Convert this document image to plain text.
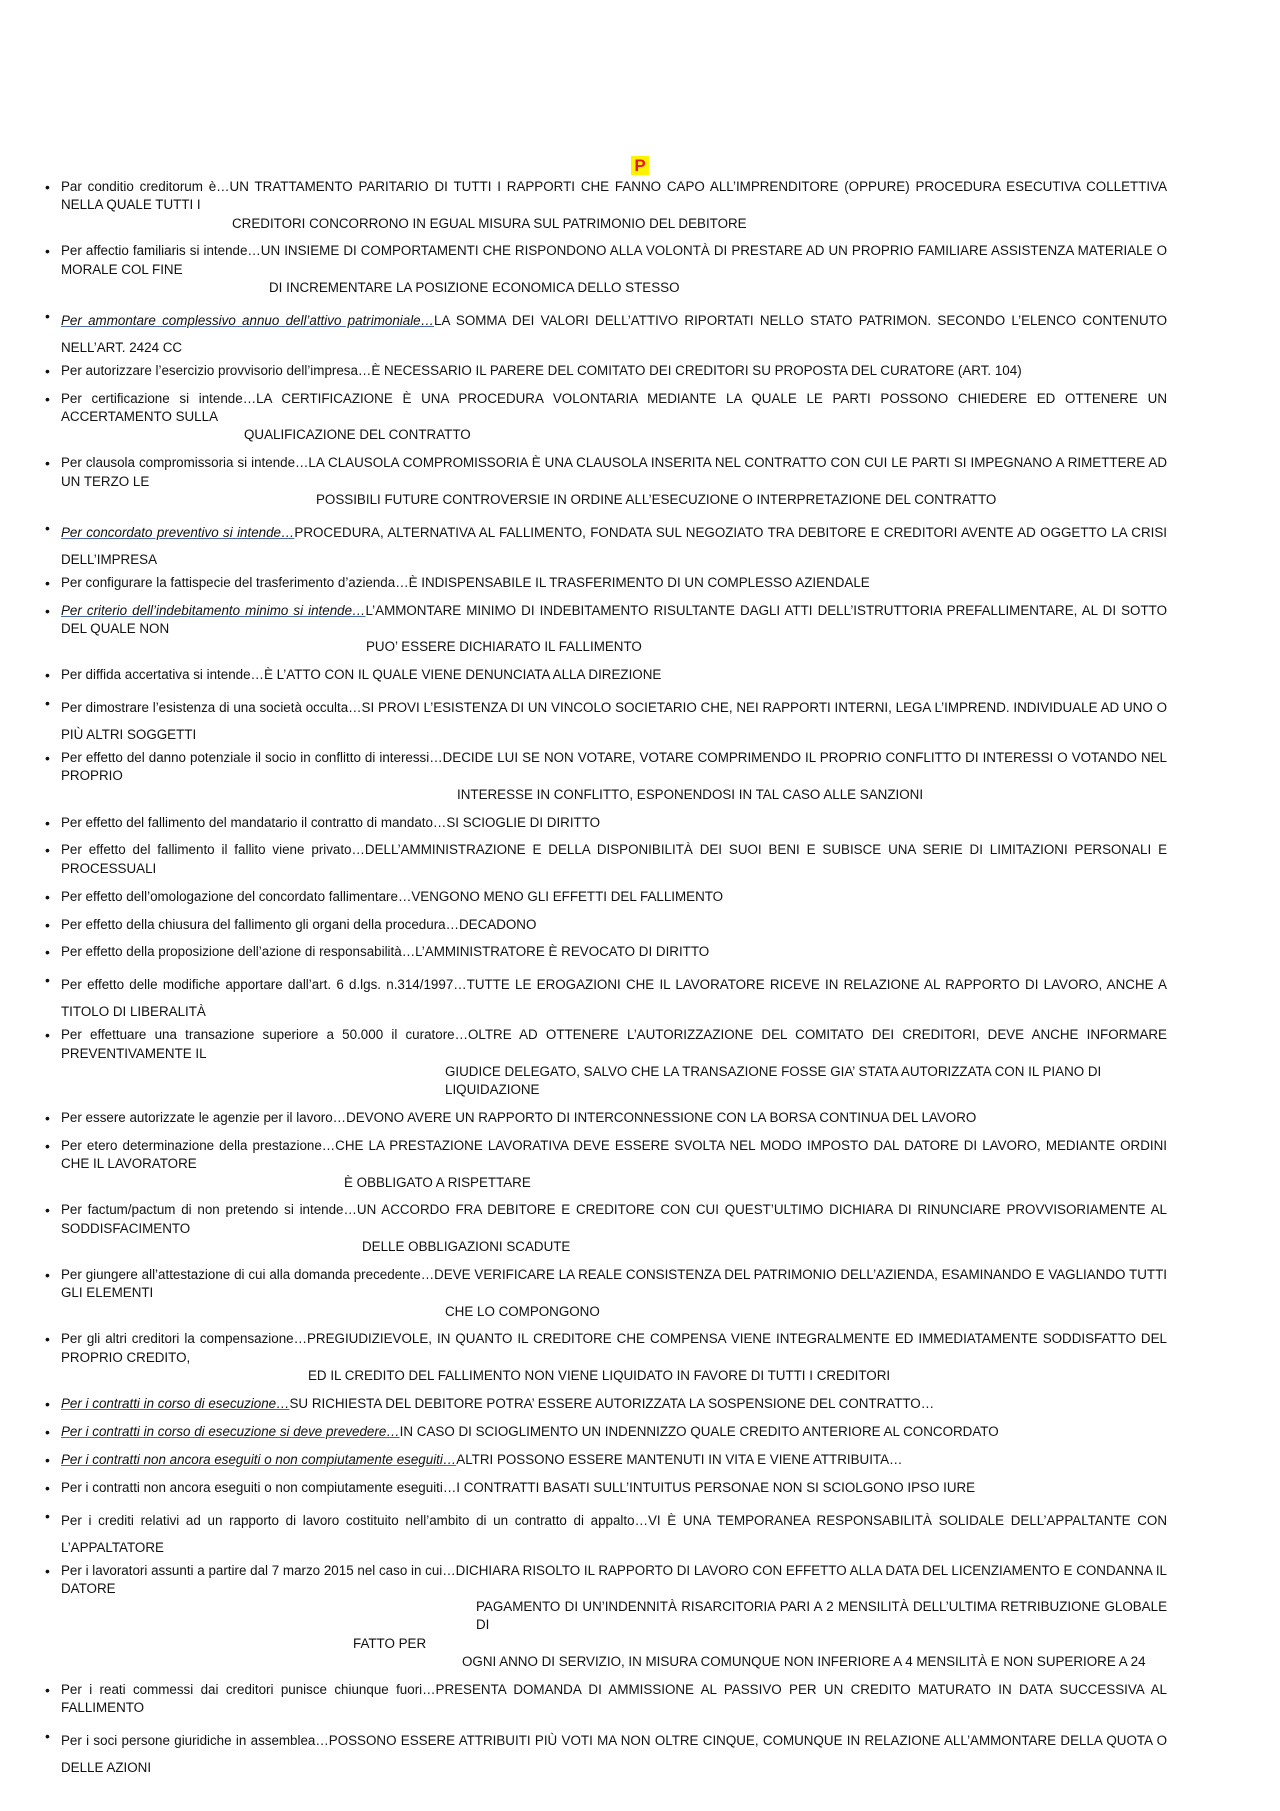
P
• Par conditio creditorum è…UN TRATTAMENTO PARITARIO DI TUTTI I RAPPORTI CHE FANNO CAPO ALL’IMPRENDITORE (OPPURE) PROCEDURA ESECUTIVA COLLETTIVA NELLA QUALE TUTTI I
CREDITORI CONCORRONO IN EGUAL MISURA SUL PATRIMONIO DEL DEBITORE
• Per affectio familiaris si intende…UN INSIEME DI COMPORTAMENTI CHE RISPONDONO ALLA VOLONTÀ DI PRESTARE AD UN PROPRIO FAMILIARE ASSISTENZA MATERIALE O MORALE COL FINE
DI INCREMENTARE LA POSIZIONE ECONOMICA DELLO STESSO
• Per ammontare complessivo annuo dell’attivo patrimoniale…LA SOMMA DEI VALORI DELL’ATTIVO RIPORTATI NELLO STATO PATRIMON. SECONDO L’ELENCO CONTENUTO NELL’ART. 2424 CC
• Per autorizzare l’esercizio provvisorio dell’impresa…È NECESSARIO IL PARERE DEL COMITATO DEI CREDITORI SU PROPOSTA DEL CURATORE (ART. 104)
• Per certificazione si intende…LA CERTIFICAZIONE È UNA PROCEDURA VOLONTARIA MEDIANTE LA QUALE LE PARTI POSSONO CHIEDERE ED OTTENERE UN ACCERTAMENTO SULLA
QUALIFICAZIONE DEL CONTRATTO
• Per clausola compromissoria si intende…LA CLAUSOLA COMPROMISSORIA È UNA CLAUSOLA INSERITA NEL CONTRATTO CON CUI LE PARTI SI IMPEGNANO A RIMETTERE AD UN TERZO LE
POSSIBILI FUTURE CONTROVERSIE IN ORDINE ALL’ESECUZIONE O INTERPRETAZIONE DEL CONTRATTO
• Per concordato preventivo si intende…PROCEDURA, ALTERNATIVA AL FALLIMENTO, FONDATA SUL NEGOZIATO TRA DEBITORE E CREDITORI AVENTE AD OGGETTO LA CRISI DELL’IMPRESA
• Per configurare la fattispecie del trasferimento d’azienda…È INDISPENSABILE IL TRASFERIMENTO DI UN COMPLESSO AZIENDALE
• Per criterio dell’indebitamento minimo si intende…L’AMMONTARE MINIMO DI INDEBITAMENTO RISULTANTE DAGLI ATTI DELL’ISTRUTTORIA PREFALLIMENTARE, AL DI SOTTO DEL QUALE NON
PUO’ ESSERE DICHIARATO IL FALLIMENTO
• Per diffida accertativa si intende…È L’ATTO CON IL QUALE VIENE DENUNCIATA ALLA DIREZIONE
• Per dimostrare l’esistenza di una società occulta…SI PROVI L’ESISTENZA DI UN VINCOLO SOCIETARIO CHE, NEI RAPPORTI INTERNI, LEGA L’IMPREND. INDIVIDUALE AD UNO O PIÙ ALTRI SOGGETTI
• Per effetto del danno potenziale il socio in conflitto di interessi…DECIDE LUI SE NON VOTARE, VOTARE COMPRIMENDO IL PROPRIO CONFLITTO DI INTERESSI O VOTANDO NEL PROPRIO
INTERESSE IN CONFLITTO, ESPONENDOSI IN TAL CASO ALLE SANZIONI
• Per effetto del fallimento del mandatario il contratto di mandato…SI SCIOGLIE DI DIRITTO
• Per effetto del fallimento il fallito viene privato…DELL’AMMINISTRAZIONE E DELLA DISPONIBILITÀ DEI SUOI BENI E SUBISCE UNA SERIE DI LIMITAZIONI PERSONALI E PROCESSUALI
• Per effetto dell’omologazione del concordato fallimentare…VENGONO MENO GLI EFFETTI DEL FALLIMENTO
• Per effetto della chiusura del fallimento gli organi della procedura…DECADONO
• Per effetto della proposizione dell’azione di responsabilità…L’AMMINISTRATORE È REVOCATO DI DIRITTO
• Per effetto delle modifiche apportare dall’art. 6 d.lgs. n.314/1997…TUTTE LE EROGAZIONI CHE IL LAVORATORE RICEVE IN RELAZIONE AL RAPPORTO DI LAVORO, ANCHE A TITOLO DI LIBERALITÀ
• Per effettuare una transazione superiore a 50.000 il curatore…OLTRE AD OTTENERE L’AUTORIZZAZIONE DEL COMITATO DEI CREDITORI, DEVE ANCHE INFORMARE PREVENTIVAMENTE IL
GIUDICE DELEGATO, SALVO CHE LA TRANSAZIONE FOSSE GIA’ STATA AUTORIZZATA CON IL PIANO DI LIQUIDAZIONE
• Per essere autorizzate le agenzie per il lavoro…DEVONO AVERE UN RAPPORTO DI INTERCONNESSIONE CON LA BORSA CONTINUA DEL LAVORO
• Per etero determinazione della prestazione…CHE LA PRESTAZIONE LAVORATIVA DEVE ESSERE SVOLTA NEL MODO IMPOSTO DAL DATORE DI LAVORO, MEDIANTE ORDINI CHE IL LAVORATORE
È OBBLIGATO A RISPETTARE
• Per factum/pactum di non pretendo si intende…UN ACCORDO FRA DEBITORE E CREDITORE CON CUI QUEST’ULTIMO DICHIARA DI RINUNCIARE PROVVISORIAMENTE AL SODDISFACIMENTO
DELLE OBBLIGAZIONI SCADUTE
• Per giungere all’attestazione di cui alla domanda precedente…DEVE VERIFICARE LA REALE CONSISTENZA DEL PATRIMONIO DELL’AZIENDA, ESAMINANDO E VAGLIANDO TUTTI GLI ELEMENTI
CHE LO COMPONGONO
• Per gli altri creditori la compensazione…PREGIUDIZIEVOLE, IN QUANTO IL CREDITORE CHE COMPENSA VIENE INTEGRALMENTE ED IMMEDIATAMENTE SODDISFATTO DEL PROPRIO CREDITO,
ED IL CREDITO DEL FALLIMENTO NON VIENE LIQUIDATO IN FAVORE DI TUTTI I CREDITORI
• Per i contratti in corso di esecuzione…SU RICHIESTA DEL DEBITORE POTRA’ ESSERE AUTORIZZATA LA SOSPENSIONE DEL CONTRATTO…
• Per i contratti in corso di esecuzione si deve prevedere…IN CASO DI SCIOGLIMENTO UN INDENNIZZO QUALE CREDITO ANTERIORE AL CONCORDATO
• Per i contratti non ancora eseguiti o non compiutamente eseguiti…ALTRI POSSONO ESSERE MANTENUTI IN VITA E VIENE ATTRIBUITA…
• Per i contratti non ancora eseguiti o non compiutamente eseguiti…I CONTRATTI BASATI SULL’INTUITUS PERSONAE NON SI SCIOLGONO IPSO IURE
• Per i crediti relativi ad un rapporto di lavoro costituito nell’ambito di un contratto di appalto…VI È UNA TEMPORANEA RESPONSABILITÀ SOLIDALE DELL’APPALTANTE CON L’APPALTATORE
• Per i lavoratori assunti a partire dal 7 marzo 2015 nel caso in cui…DICHIARA RISOLTO IL RAPPORTO DI LAVORO CON EFFETTO ALLA DATA DEL LICENZIAMENTO E CONDANNA IL DATORE
PAGAMENTO DI UN’INDENNITÀ RISARCITORIA PARI A 2 MENSILITÀ DELL’ULTIMA RETRIBUZIONE GLOBALE DI
FATTO PER
OGNI ANNO DI SERVIZIO, IN MISURA COMUNQUE NON INFERIORE A 4 MENSILITÀ E NON SUPERIORE A 24
• Per i reati commessi dai creditori punisce chiunque fuori…PRESENTA DOMANDA DI AMMISSIONE AL PASSIVO PER UN CREDITO MATURATO IN DATA SUCCESSIVA AL FALLIMENTO
• Per i soci persone giuridiche in assemblea…POSSONO ESSERE ATTRIBUITI PIÙ VOTI MA NON OLTRE CINQUE, COMUNQUE IN RELAZIONE ALL’AMMONTARE DELLA QUOTA O DELLE AZIONI
